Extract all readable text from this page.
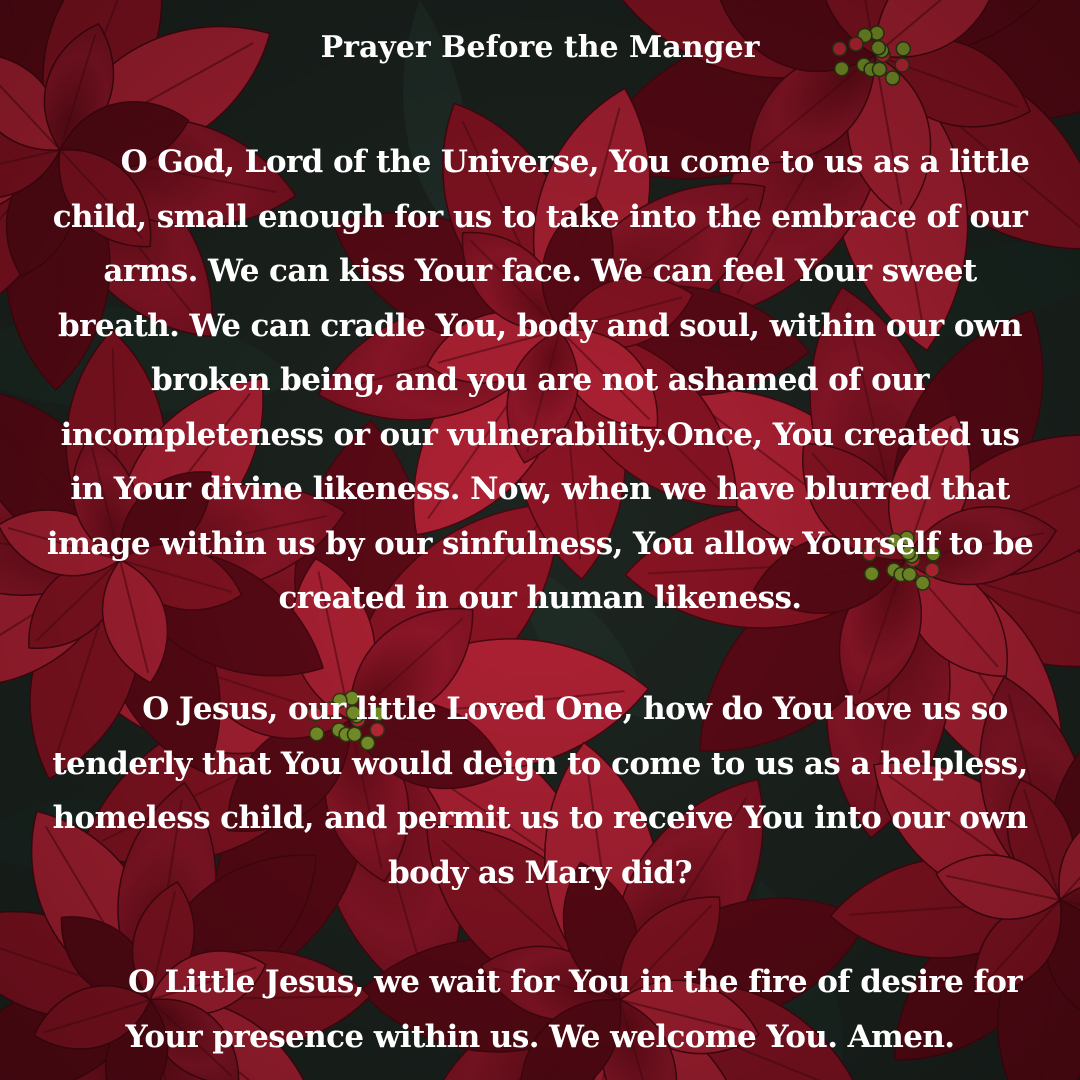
Prayer Before the Manger
O God, Lord of the Universe, You come to us as a little child, small enough for us to take into the embrace of our arms. We can kiss Your face. We can feel Your sweet breath. We can cradle You, body and soul, within our own broken being, and you are not ashamed of our incompleteness or our vulnerability.Once, You created us in Your divine likeness. Now, when we have blurred that image within us by our sinfulness, You allow Yourself to be created in our human likeness.
O Jesus, our little Loved One, how do You love us so tenderly that You would deign to come to us as a helpless, homeless child, and permit us to receive You into our own body as Mary did?
O Little Jesus, we wait for You in the fire of desire for Your presence within us. We welcome You. Amen.
